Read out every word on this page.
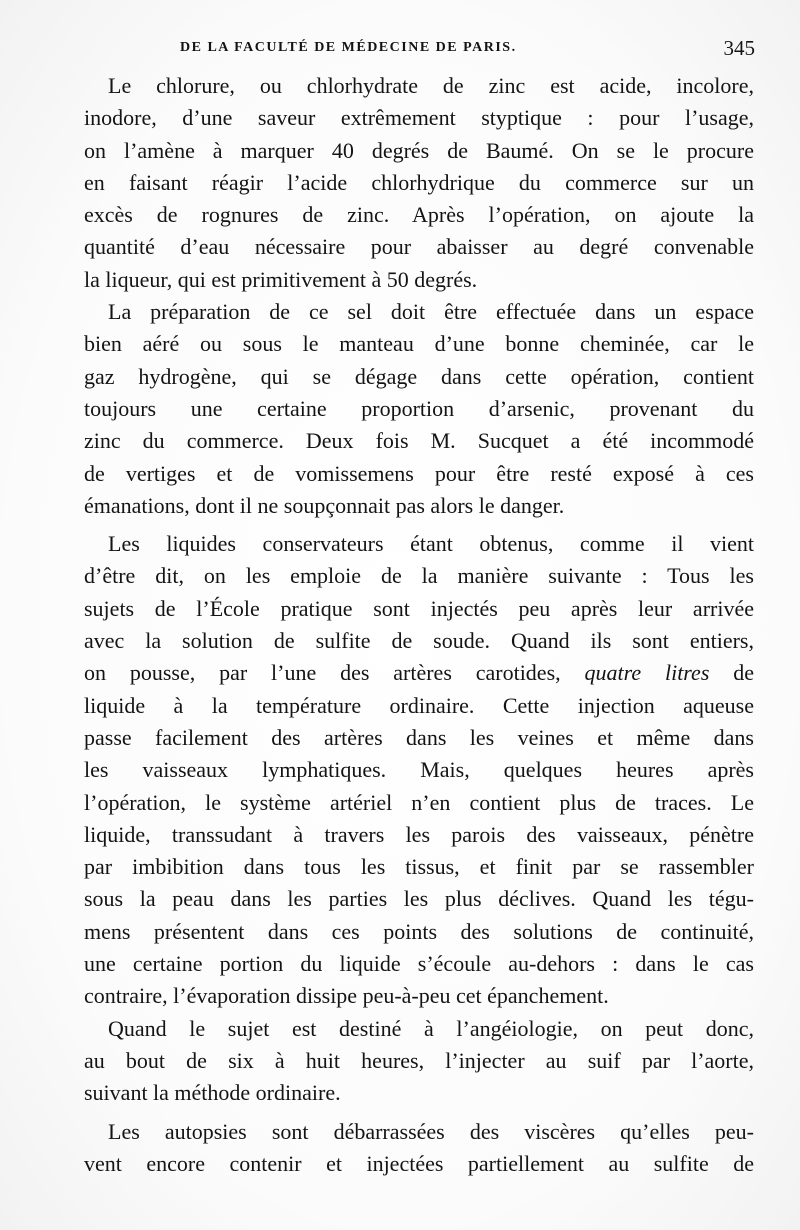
DE LA FACULTÉ DE MÉDECINE DE PARIS.	345
Le chlorure, ou chlorhydrate de zinc est acide, incolore,
inodore, d’une saveur extrêmement styptique : pour l’usage,
on l’amène à marquer 40 degrés de Baumé. On se le procure
en faisant réagir l’acide chlorhydrique du commerce sur un
excès de rognures de zinc. Après l’opération, on ajoute la
quantité d’eau nécessaire pour abaisser au degré convenable
la liqueur, qui est primitivement à 50 degrés.
La préparation de ce sel doit être effectuée dans un espace
bien aéré ou sous le manteau d’une bonne cheminée, car le
gaz hydrogène, qui se dégage dans cette opération, contient
toujours une certaine proportion d’arsenic, provenant du
zinc du commerce. Deux fois M. Sucquet a été incommodé
de vertiges et de vomissemens pour être resté exposé à ces
émanations, dont il ne soupçonnait pas alors le danger.
Les liquides conservateurs étant obtenus, comme il vient
d’être dit, on les emploie de la manière suivante : Tous les
sujets de l’École pratique sont injectés peu après leur arrivée
avec la solution de sulfite de soude. Quand ils sont entiers,
on pousse, par l’une des artères carotides, quatre litres de
liquide à la température ordinaire. Cette injection aqueuse
passe facilement des artères dans les veines et même dans
les vaisseaux lymphatiques. Mais, quelques heures après
l’opération, le système artériel n’en contient plus de traces. Le
liquide, transsudant à travers les parois des vaisseaux, pénètre
par imbibition dans tous les tissus, et finit par se rassembler
sous la peau dans les parties les plus déclives. Quand les tégu-
mens présentent dans ces points des solutions de continuité,
une certaine portion du liquide s’écoule au-dehors : dans le cas
contraire, l’évaporation dissipe peu-à-peu cet épanchement.
Quand le sujet est destiné à l’angéiologie, on peut donc,
au bout de six à huit heures, l’injecter au suif par l’aorte,
suivant la méthode ordinaire.
Les autopsies sont débarrassées des viscères qu’elles peu-
vent encore contenir et injectées partiellement au sulfite de
